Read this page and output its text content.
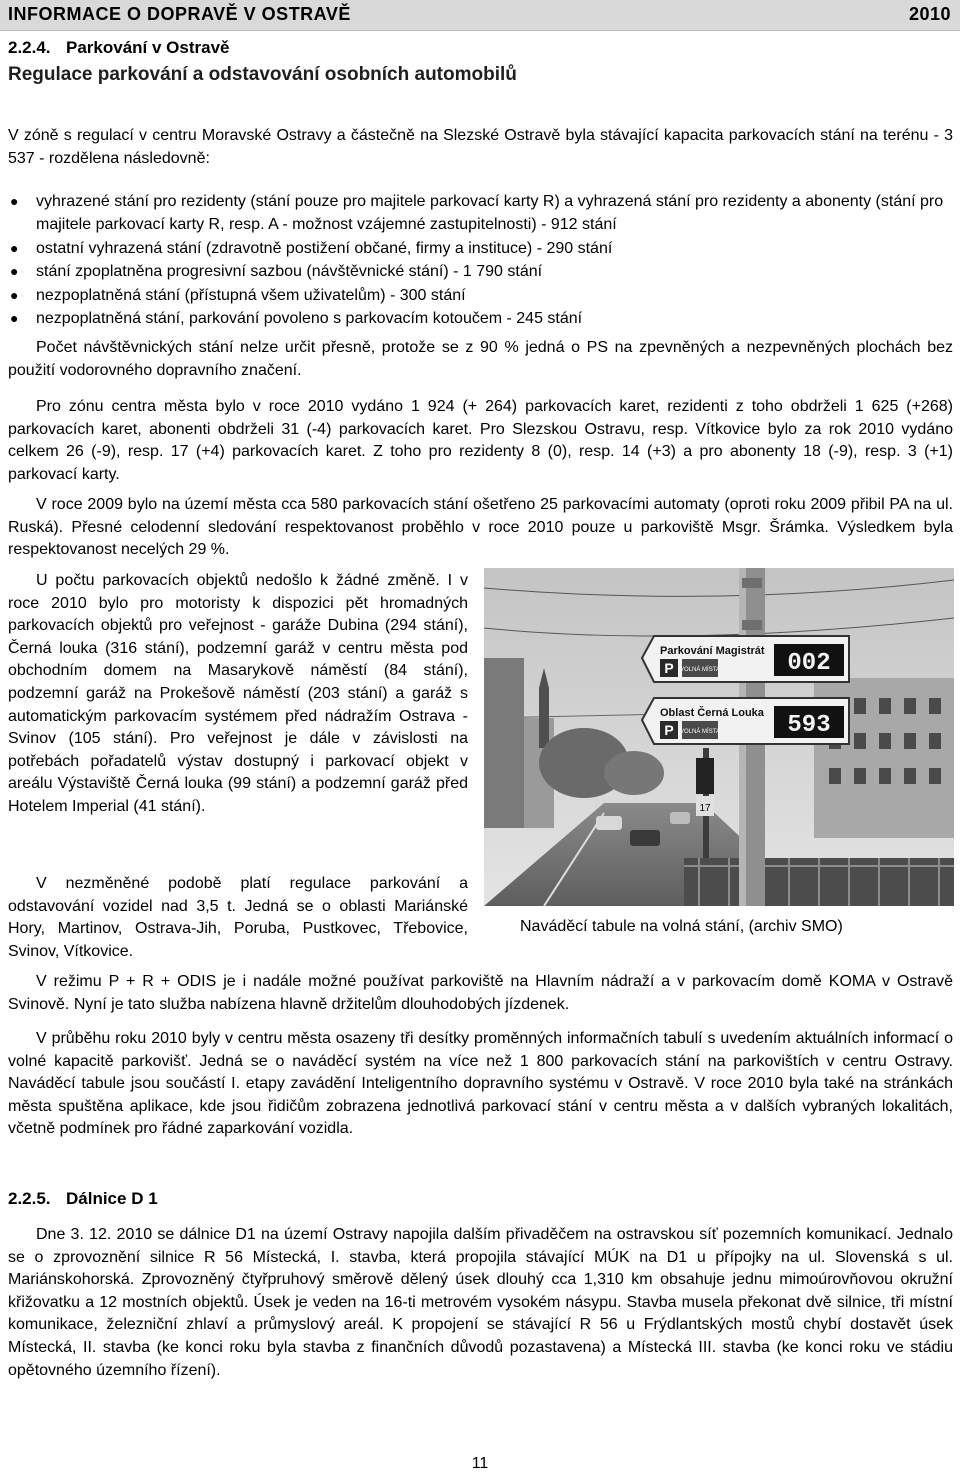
INFORMACE O DOPRAVĚ V OSTRAVĚ	2010
2.2.4. Parkování v Ostravě
Regulace parkování a odstavování osobních automobilů
V zóně s regulací v centru Moravské Ostravy a částečně na Slezské Ostravě byla stávající kapacita parkovacích stání na terénu - 3 537 - rozdělena následovně:
● vyhrazené stání pro rezidenty (stání pouze pro majitele parkovací karty R) a vyhrazená stání pro rezidenty a abonenty (stání pro majitele parkovací karty R, resp. A - možnost vzájemné zastupitelnosti) - 912 stání
● ostatní vyhrazená stání (zdravotně postižení občané, firmy a instituce) - 290 stání
● stání zpoplatněna progresivní sazbou (návštěvnické stání) - 1 790 stání
● nezpoplatněná stání (přístupná všem uživatelům) - 300 stání
● nezpoplatněná stání, parkování povoleno s parkovacím kotoučem - 245 stání
Počet návštěvnických stání nelze určit přesně, protože se z 90 % jedná o PS na zpevněných a nezpevněných plochách bez použití vodorovného dopravního značení.
Pro zónu centra města bylo v roce 2010 vydáno 1 924 (+ 264) parkovacích karet, rezidenti z toho obdrželi 1 625 (+268) parkovacích karet, abonenti obdrželi 31 (-4) parkovacích karet. Pro Slezskou Ostravu, resp. Vítkovice bylo za rok 2010 vydáno celkem 26 (-9), resp. 17 (+4) parkovacích karet. Z toho pro rezidenty 8 (0), resp. 14 (+3) a pro abonenty 18 (-9), resp. 3 (+1) parkovací karty.
V roce 2009 bylo na území města cca 580 parkovacích stání ošetřeno 25 parkovacími automaty (oproti roku 2009 přibil PA na ul. Ruská). Přesné celodenní sledování respektovanost proběhlo v roce 2010 pouze u parkoviště Msgr. Šrámka. Výsledkem byla respektovanost necelých 29 %.
U počtu parkovacích objektů nedošlo k žádné změně. I v roce 2010 bylo pro motoristy k dispozici pět hromadných parkovacích objektů pro veřejnost - garáže Dubina (294 stání), Černá louka (316 stání), podzemní garáž v centru města pod obchodním domem na Masarykově náměstí (84 stání), podzemní garáž na Prokešově náměstí (203 stání) a garáž s automatickým parkovacím systémem před nádražím Ostrava - Svinov (105 stání). Pro veřejnost je dále v závislosti na potřebách pořadatelů výstav dostupný i parkovací objekt v areálu Výstaviště Černá louka (99 stání) a podzemní garáž před Hotelem Imperial (41 stání).
V nezměněné podobě platí regulace parkování a odstavování vozidel nad 3,5 t. Jedná se o oblasti Mariánské Hory, Martinov, Ostrava-Jih, Poruba, Pustkovec, Třebovice, Svinov, Vítkovice.
17
Parkování Magistrát
P VOLNÁ MÍSTA	002
Oblast Černá Louka
P VOLNÁ MÍSTA	593
Naváděcí tabule na volná stání, (archiv SMO)
V režimu P + R + ODIS je i nadále možné používat parkoviště na Hlavním nádraží a v parkovacím domě KOMA v Ostravě Svinově. Nyní je tato služba nabízena hlavně držitelům dlouhodobých jízdenek.
V průběhu roku 2010 byly v centru města osazeny tři desítky proměnných informačních tabulí s uvedením aktuálních informací o volné kapacitě parkovišť. Jedná se o naváděcí systém na více než 1 800 parkovacích stání na parkovištích v centru Ostravy. Naváděcí tabule jsou součástí I. etapy zavádění Inteligentního dopravního systému v Ostravě. V roce 2010 byla také na stránkách města spuštěna aplikace, kde jsou řidičům zobrazena jednotlivá parkovací stání v centru města a v dalších vybraných lokalitách, včetně podmínek pro řádné zaparkování vozidla.
2.2.5. Dálnice D 1
Dne 3. 12. 2010 se dálnice D1 na území Ostravy napojila dalším přivaděčem na ostravskou síť pozemních komunikací. Jednalo se o zprovoznění silnice R 56 Místecká, I. stavba, která propojila stávající MÚK na D1 u přípojky na ul. Slovenská s ul. Mariánskohorská. Zprovozněný čtyřpruhový směrově dělený úsek dlouhý cca 1,310 km obsahuje jednu mimoúrovňovou okružní křižovatku a 12 mostních objektů. Úsek je veden na 16-ti metrovém vysokém násypu. Stavba musela překonat dvě silnice, tři místní komunikace, železniční zhlaví a průmyslový areál. K propojení se stávající R 56 u Frýdlantských mostů chybí dostavět úsek Místecká, II. stavba (ke konci roku byla stavba z finančních důvodů pozastavena) a Místecká III. stavba (ke konci roku ve stádiu opětovného územního řízení).
11
